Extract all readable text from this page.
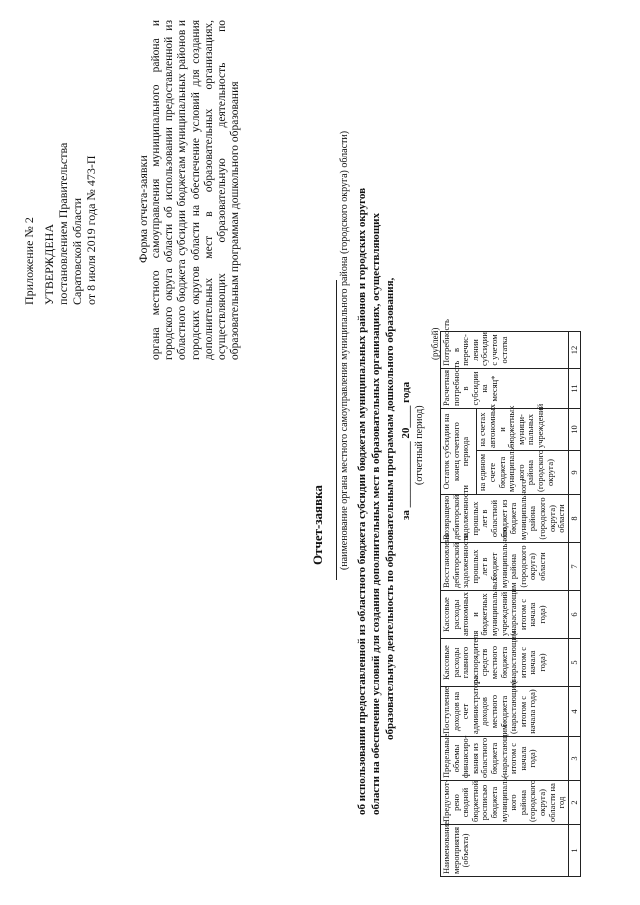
Приложение № 2 УТВЕРЖДЕНА постановлением Правительства Саратовской области от 8 июля 2019 года № 473-П	Форма отчета-заявки органа местного самоуправления муниципального района и городского округа области об использовании предоставленной из областного бюджета субсидии бюджетам муниципальных районов и городских округов области на обеспечение условий для создания дополнительных мест в образовательных организациях, осуществляющих образовательную деятельность по образовательным программам дошкольного образования
Отчет-заявка (наименование органа местного самоуправления муниципального района (городского округа) области) об использовании предоставленной из областного бюджета субсидии бюджетам муниципальных районов и городских округов области на обеспечение условий для создания дополнительных мест в образовательных организациях, осуществляющих образовательную деятельность по образовательным программам дошкольного образования, за ____________ 20____ года (отчетный период)
(рублей)
Наименование мероприятия (объекта)	Предусмот-рено сводной бюджетной росписью бюджета муниципаль-ного района (городского округа) области на год	Предельные объемы финансиро-вания из областного бюджета (нарастающим итогом с начала года)	Поступление доходов на счет администратора доходов местного бюджета (нарастающим итогом с начала года)	Кассовые расходы главного распорядителя средств местного бюджета (нарастающим итогом с начала года)	Кассовые расходы автономных и бюджетных муниципальных учреждений (нарастающим итогом с начала года)	Восстановлено дебиторской задолженности прошлых лет в бюджет муниципального района (городского округа) области	Возвращено дебиторской задолженности прошлых лет в областной бюджет из бюджета муниципального района (городского округа) области	Остаток субсидии на конец отчетного периода		Расчетная потребность в субсидии на месяц*	Потребность в перечис-лении субсидии с учетом остатка
								на едином счете бюджета муниципаль-ного района (городского округа)	на счетах автономных и бюджетных муници-пальных учреждений		
1	2	3	4	5	6	7	8	9	10	11	12
